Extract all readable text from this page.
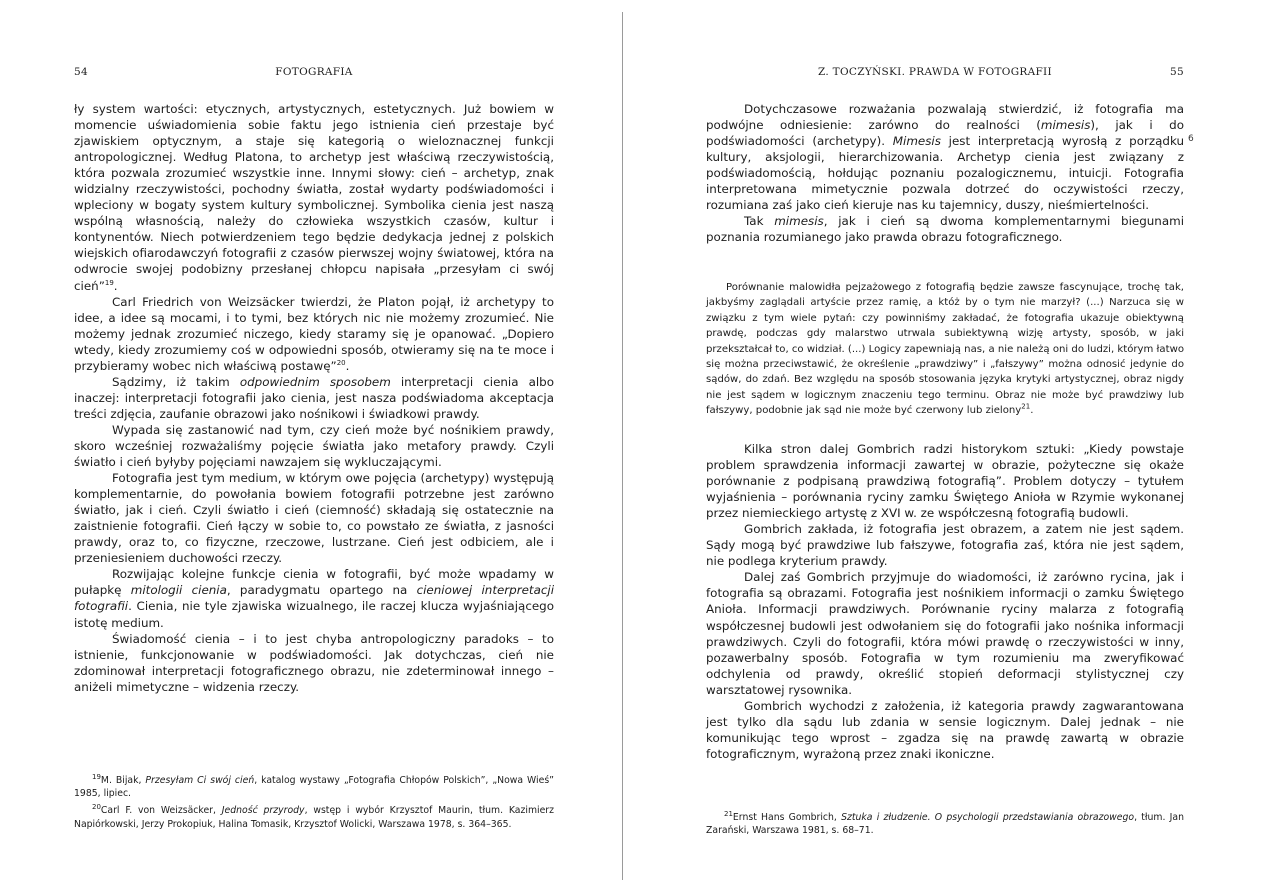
54	FOTOGRAFIA

ły system wartości: etycznych, artystycznych, estetycznych. Już bowiem w momencie uświadomienia sobie faktu jego istnienia cień przestaje być zjawiskiem optycznym, a staje się kategorią o wieloznacznej funkcji antropologicznej. Według Platona, to archetyp jest właściwą rzeczywistością, która pozwala zrozumieć wszystkie inne. Innymi słowy: cień – archetyp, znak widzialny rzeczywistości, pochodny światła, został wydarty podświadomości i wpleciony w bogaty system kultury symbolicznej. Symbolika cienia jest naszą wspólną własnością, należy do człowieka wszystkich czasów, kultur i kontynentów. Niech potwierdzeniem tego będzie dedykacja jednej z polskich wiejskich ofiarodawczyń fotografii z czasów pierwszej wojny światowej, która na odwrocie swojej podobizny przesłanej chłopcu napisała „przesyłam ci swój cień”$^{19}$.

Carl Friedrich von Weizsäcker twierdzi, że Platon pojął, iż archetypy to idee, a idee są mocami, i to tymi, bez których nic nie możemy zrozumieć. Nie możemy jednak zrozumieć niczego, kiedy staramy się je opanować. „Dopiero wtedy, kiedy zrozumiemy coś w odpowiedni sposób, otwieramy się na te moce i przybieramy wobec nich właściwą postawę”$^{20}$.

Sądzimy, iż takim odpowiednim sposobem interpretacji cienia albo inaczej: interpretacji fotografii jako cienia, jest nasza podświadoma akceptacja treści zdjęcia, zaufanie obrazowi jako nośnikowi i świadkowi prawdy.

Wypada się zastanowić nad tym, czy cień może być nośnikiem prawdy, skoro wcześniej rozważaliśmy pojęcie światła jako metafory prawdy. Czyli światło i cień byłyby pojęciami nawzajem się wykluczającymi.

Fotografia jest tym medium, w którym owe pojęcia (archetypy) występują komplementarnie, do powołania bowiem fotografii potrzebne jest zarówno światło, jak i cień. Czyli światło i cień (ciemność) składają się ostatecznie na zaistnienie fotografii. Cień łączy w sobie to, co powstało ze światła, z jasności prawdy, oraz to, co fizyczne, rzeczowe, lustrzane. Cień jest odbiciem, ale i przeniesieniem duchowości rzeczy.

Rozwijając kolejne funkcje cienia w fotografii, być może wpadamy w pułapkę mitologii cienia, paradygmatu opartego na cieniowej interpretacji fotografii. Cienia, nie tyle zjawiska wizualnego, ile raczej klucza wyjaśniającego istotę medium.

Świadomość cienia – i to jest chyba antropologiczny paradoks – to istnienie, funkcjonowanie w podświadomości. Jak dotychczas, cień nie zdominował interpretacji fotograficznego obrazu, nie zdeterminował innego – aniżeli mimetyczne – widzenia rzeczy.

$^{19}$M. Bijak, Przesyłam Ci swój cień, katalog wystawy „Fotografia Chłopów Polskich”, „Nowa Wieś” 1985, lipiec.

$^{20}$Carl F. von Weizsäcker, Jedność przyrody, wstęp i wybór Krzysztof Maurin, tłum. Kazimierz Napiórkowski, Jerzy Prokopiuk, Halina Tomasik, Krzysztof Wolicki, Warszawa 1978, s. 364–365.

Z. TOCZYŃSKI. PRAWDA W FOTOGRAFII	55

Dotychczasowe rozważania pozwalają stwierdzić, iż fotografia ma podwójne odniesienie: zarówno do realności (mimesis), jak i do podświadomości (archetypy). Mimesis jest interpretacją wyrosłą z porządku kultury, aksjologii, hierarchizowania. Archetyp cienia jest związany z podświadomością, hołdując poznaniu pozalogicznemu, intuicji. Fotografia interpretowana mimetycznie pozwala dotrzeć do oczywistości rzeczy, rozumiana zaś jako cień kieruje nas ku tajemnicy, duszy, nieśmiertelności.

Tak mimesis, jak i cień są dwoma komplementarnymi biegunami poznania rozumianego jako prawda obrazu fotograficznego.

Porównanie malowidła pejzażowego z fotografią będzie zawsze fascynujące, trochę tak, jakbyśmy zaglądali artyście przez ramię, a któż by o tym nie marzył? (...) Narzuca się w związku z tym wiele pytań: czy powinniśmy zakładać, że fotografia ukazuje obiektywną prawdę, podczas gdy malarstwo utrwala subiektywną wizję artysty, sposób, w jaki przekształcał to, co widział. (...) Logicy zapewniają nas, a nie należą oni do ludzi, którym łatwo się można przeciwstawić, że określenie „prawdziwy” i „fałszywy” można odnosić jedynie do sądów, do zdań. Bez względu na sposób stosowania języka krytyki artystycznej, obraz nigdy nie jest sądem w logicznym znaczeniu tego terminu. Obraz nie może być prawdziwy lub fałszywy, podobnie jak sąd nie może być czerwony lub zielony$^{21}$.

Kilka stron dalej Gombrich radzi historykom sztuki: „Kiedy powstaje problem sprawdzenia informacji zawartej w obrazie, pożyteczne się okaże porównanie z podpisaną prawdziwą fotografią”. Problem dotyczy – tytułem wyjaśnienia – porównania ryciny zamku Świętego Anioła w Rzymie wykonanej przez niemieckiego artystę z XVI w. ze współczesną fotografią budowli.

Gombrich zakłada, iż fotografia jest obrazem, a zatem nie jest sądem. Sądy mogą być prawdziwe lub fałszywe, fotografia zaś, która nie jest sądem, nie podlega kryterium prawdy.

Dalej zaś Gombrich przyjmuje do wiadomości, iż zarówno rycina, jak i fotografia są obrazami. Fotografia jest nośnikiem informacji o zamku Świętego Anioła. Informacji prawdziwych. Porównanie ryciny malarza z fotografią współczesnej budowli jest odwołaniem się do fotografii jako nośnika informacji prawdziwych. Czyli do fotografii, która mówi prawdę o rzeczywistości w inny, pozawerbalny sposób. Fotografia w tym rozumieniu ma zweryfikować odchylenia od prawdy, określić stopień deformacji stylistycznej czy warsztatowej rysownika.

Gombrich wychodzi z założenia, iż kategoria prawdy zagwarantowana jest tylko dla sądu lub zdania w sensie logicznym. Dalej jednak – nie komunikując tego wprost – zgadza się na prawdę zawartą w obrazie fotograficznym, wyrażoną przez znaki ikoniczne.

$^{21}$Ernst Hans Gombrich, Sztuka i złudzenie. O psychologii przedstawiania obrazowego, tłum. Jan Zarański, Warszawa 1981, s. 68–71.

6
